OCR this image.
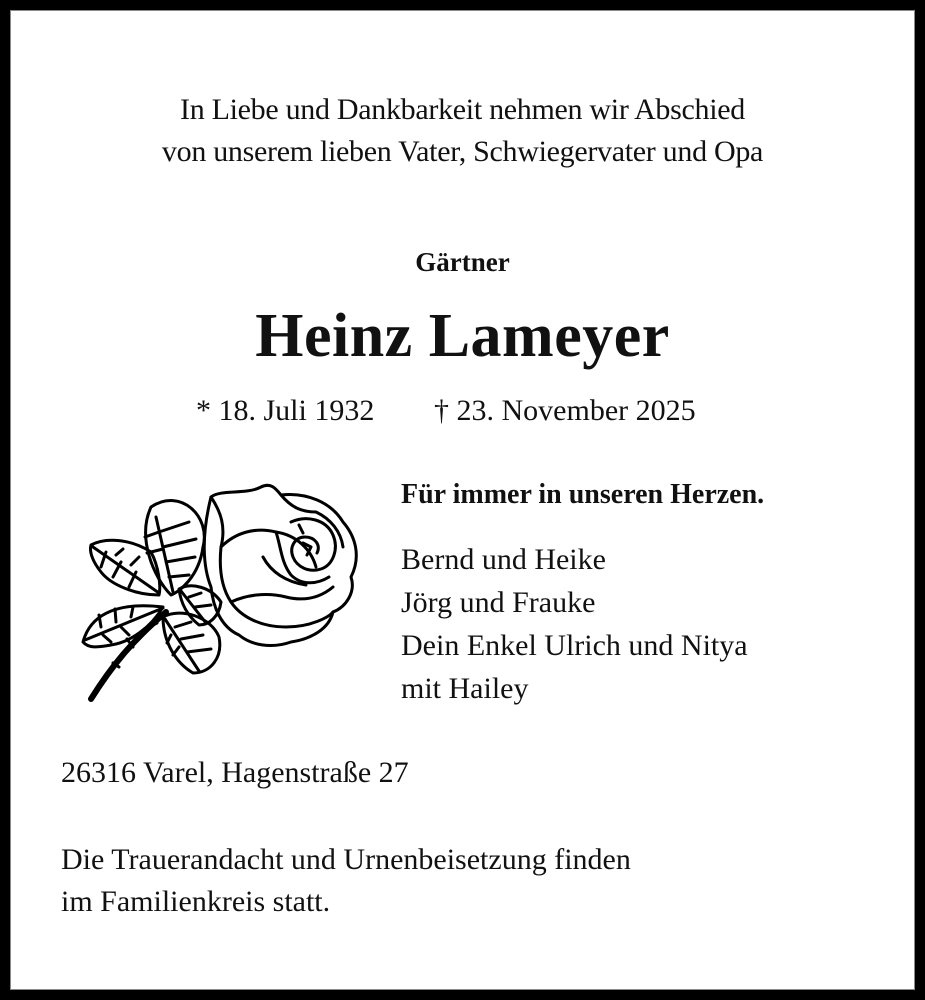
In Liebe und Dankbarkeit nehmen wir Abschied
von unserem lieben Vater, Schwiegervater und Opa
Gärtner
Heinz Lameyer
* 18. Juli 1932 † 23. November 2025
Für immer in unseren Herzen.
Bernd und Heike
Jörg und Frauke
Dein Enkel Ulrich und Nitya
mit Hailey
26316 Varel, Hagenstraße 27
Die Trauerandacht und Urnenbeisetzung finden
im Familienkreis statt.
